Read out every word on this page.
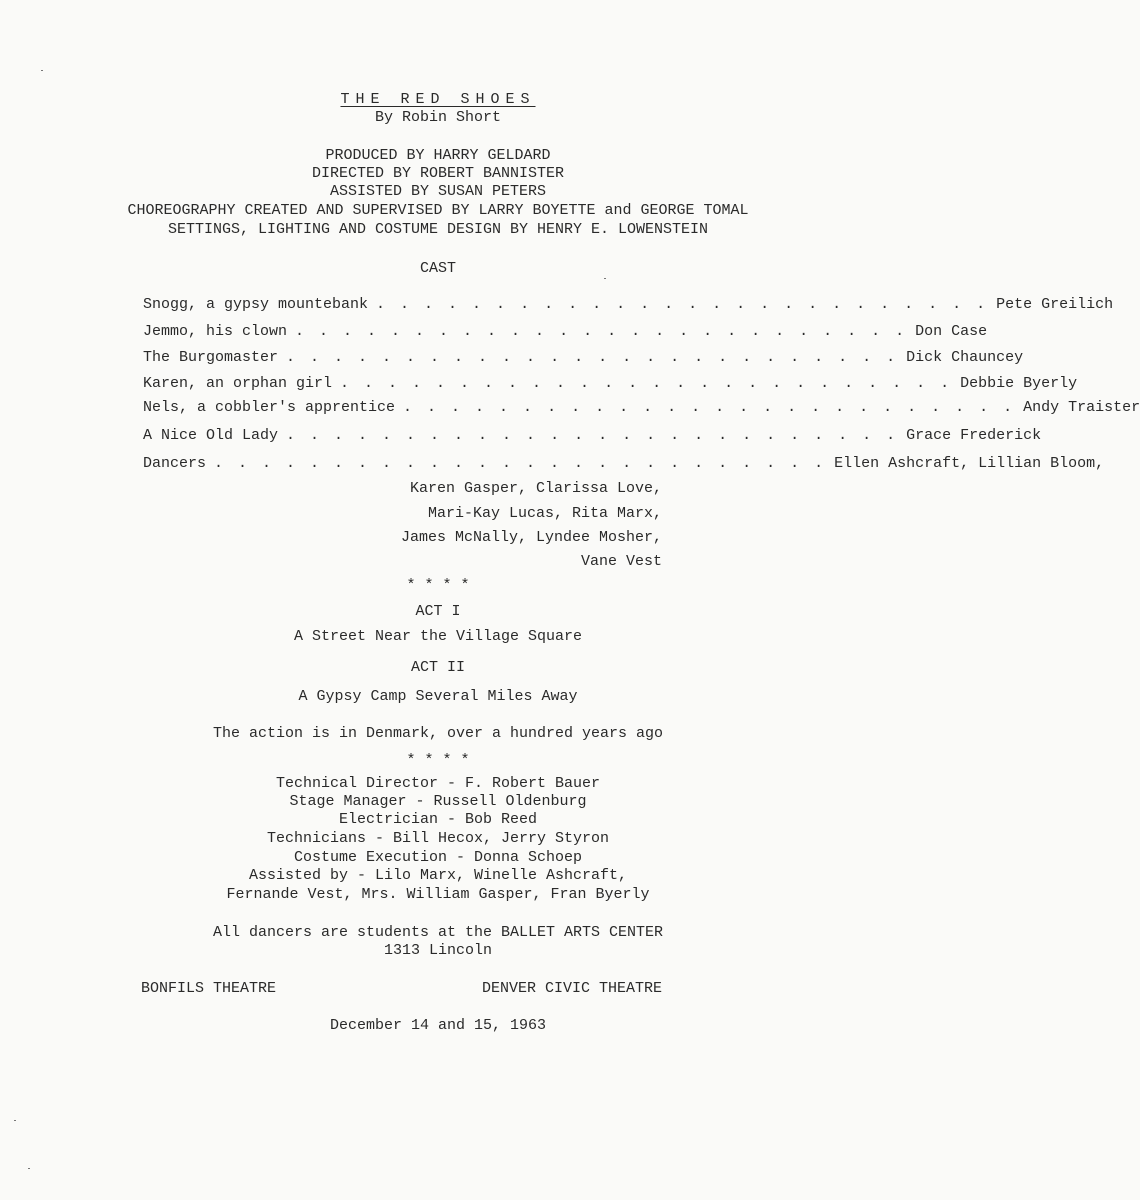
THE RED SHOES
By Robin Short
PRODUCED BY HARRY GELDARD
DIRECTED BY ROBERT BANNISTER
ASSISTED BY SUSAN PETERS
CHOREOGRAPHY CREATED AND SUPERVISED BY LARRY BOYETTE and GEORGE TOMAL
SETTINGS, LIGHTING AND COSTUME DESIGN BY HENRY E. LOWENSTEIN
CAST
Snogg, a gypsy mountebank . . . . . . . . . . . . . . . . . . . . . . . . . . Pete Greilich
Jemmo, his clown . . . . . . . . . . . . . . . . . . . . . . . . . . Don Case
The Burgomaster . . . . . . . . . . . . . . . . . . . . . . . . . . Dick Chauncey
Karen, an orphan girl . . . . . . . . . . . . . . . . . . . . . . . . . . Debbie Byerly
Nels, a cobbler's apprentice . . . . . . . . . . . . . . . . . . . . . . . . . . Andy Traister
A Nice Old Lady . . . . . . . . . . . . . . . . . . . . . . . . . . Grace Frederick
Dancers . . . . . . . . . . . . . . . . . . . . . . . . . . Ellen Ashcraft, Lillian Bloom,
Karen Gasper, Clarissa Love,
Mari-Kay Lucas, Rita Marx,
James McNally, Lyndee Mosher,
Vane Vest
* * * *
ACT I
A Street Near the Village Square
ACT II
A Gypsy Camp Several Miles Away
The action is in Denmark, over a hundred years ago
* * * *
Technical Director - F. Robert Bauer
Stage Manager - Russell Oldenburg
Electrician - Bob Reed
Technicians - Bill Hecox, Jerry Styron
Costume Execution - Donna Schoep
Assisted by - Lilo Marx, Winelle Ashcraft,
Fernande Vest, Mrs. William Gasper, Fran Byerly
All dancers are students at the BALLET ARTS CENTER
1313 Lincoln
BONFILS THEATRE	DENVER CIVIC THEATRE
December 14 and 15, 1963
